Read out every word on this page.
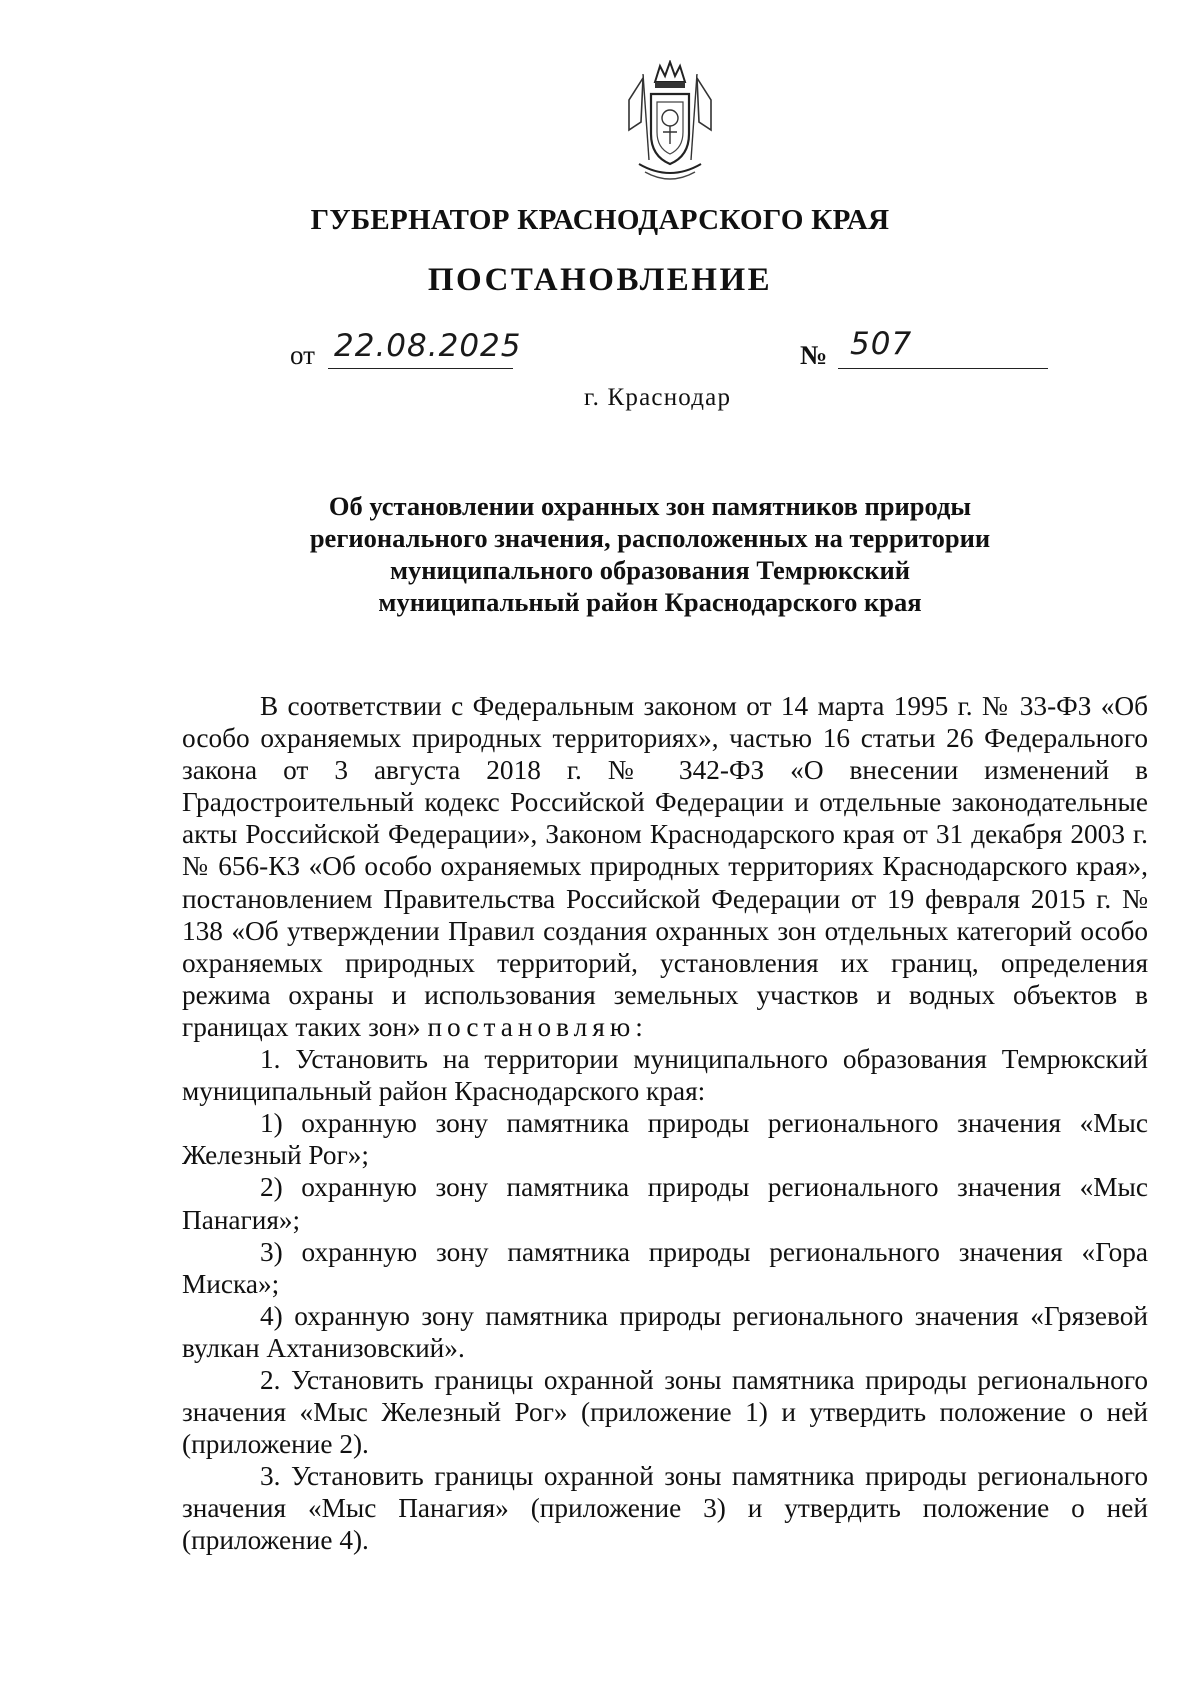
ГУБЕРНАТОР КРАСНОДАРСКОГО КРАЯ
ПОСТАНОВЛЕНИЕ
от 22.08.2025	№ 507
г. Краснодар
Об установлении охранных зон памятников природы
регионального значения, расположенных на территории
муниципального образования Темрюкский
муниципальный район Краснодарского края

В соответствии с Федеральным законом от 14 марта 1995 г. № 33-ФЗ «Об особо охраняемых природных территориях», частью 16 статьи 26 Федерального закона от 3 августа 2018 г. № 342-ФЗ «О внесении изменений в Градостроительный кодекс Российской Федерации и отдельные законодательные акты Российской Федерации», Законом Краснодарского края от 31 декабря 2003 г. № 656-КЗ «Об особо охраняемых природных территориях Краснодарского края», постановлением Правительства Российской Федерации от 19 февраля 2015 г. № 138 «Об утверждении Правил создания охранных зон отдельных категорий особо охраняемых природных территорий, установления их границ, определения режима охраны и использования земельных участков и водных объектов в границах таких зон» постановляю:

1. Установить на территории муниципального образования Темрюкский муниципальный район Краснодарского края:

1) охранную зону памятника природы регионального значения «Мыс Железный Рог»;

2) охранную зону памятника природы регионального значения «Мыс Панагия»;

3) охранную зону памятника природы регионального значения «Гора Миска»;

4) охранную зону памятника природы регионального значения «Грязевой вулкан Ахтанизовский».

2. Установить границы охранной зоны памятника природы регионального значения «Мыс Железный Рог» (приложение 1) и утвердить положение о ней (приложение 2).

3. Установить границы охранной зоны памятника природы регионального значения «Мыс Панагия» (приложение 3) и утвердить положение о ней (приложение 4).
